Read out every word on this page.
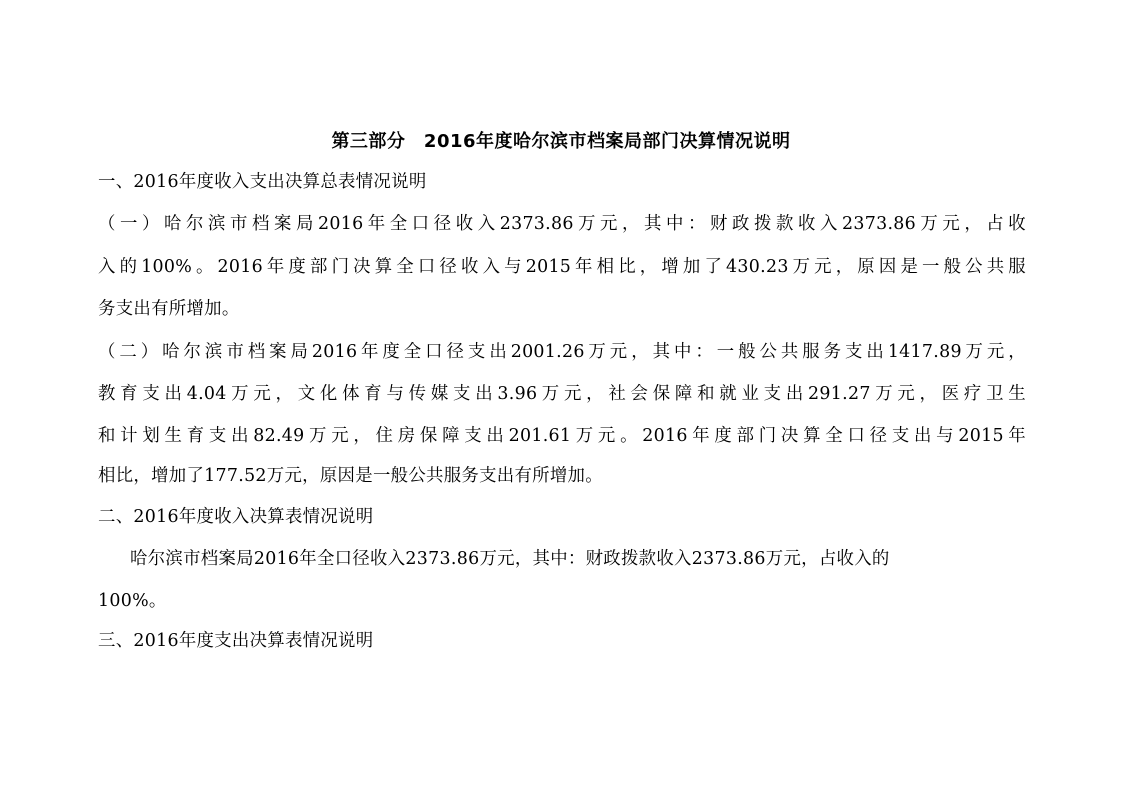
第三部分　2016年度哈尔滨市档案局部门决算情况说明
一、2016年度收入支出决算总表情况说明
（一）哈尔滨市档案局2016年全口径收入2373.86万元，其中：财政拨款收入2373.86万元，占收
入的100%。2016年度部门决算全口径收入与2015年相比，增加了430.23万元，原因是一般公共服
务支出有所增加。
（二）哈尔滨市档案局2016年度全口径支出2001.26万元，其中：一般公共服务支出1417.89万元，
教育支出4.04万元，文化体育与传媒支出3.96万元，社会保障和就业支出291.27万元，医疗卫生
和计划生育支出82.49万元，住房保障支出201.61万元。2016年度部门决算全口径支出与2015年
相比，增加了177.52万元，原因是一般公共服务支出有所增加。
二、2016年度收入决算表情况说明
哈尔滨市档案局2016年全口径收入2373.86万元，其中：财政拨款收入2373.86万元，占收入的
100%。
三、2016年度支出决算表情况说明
